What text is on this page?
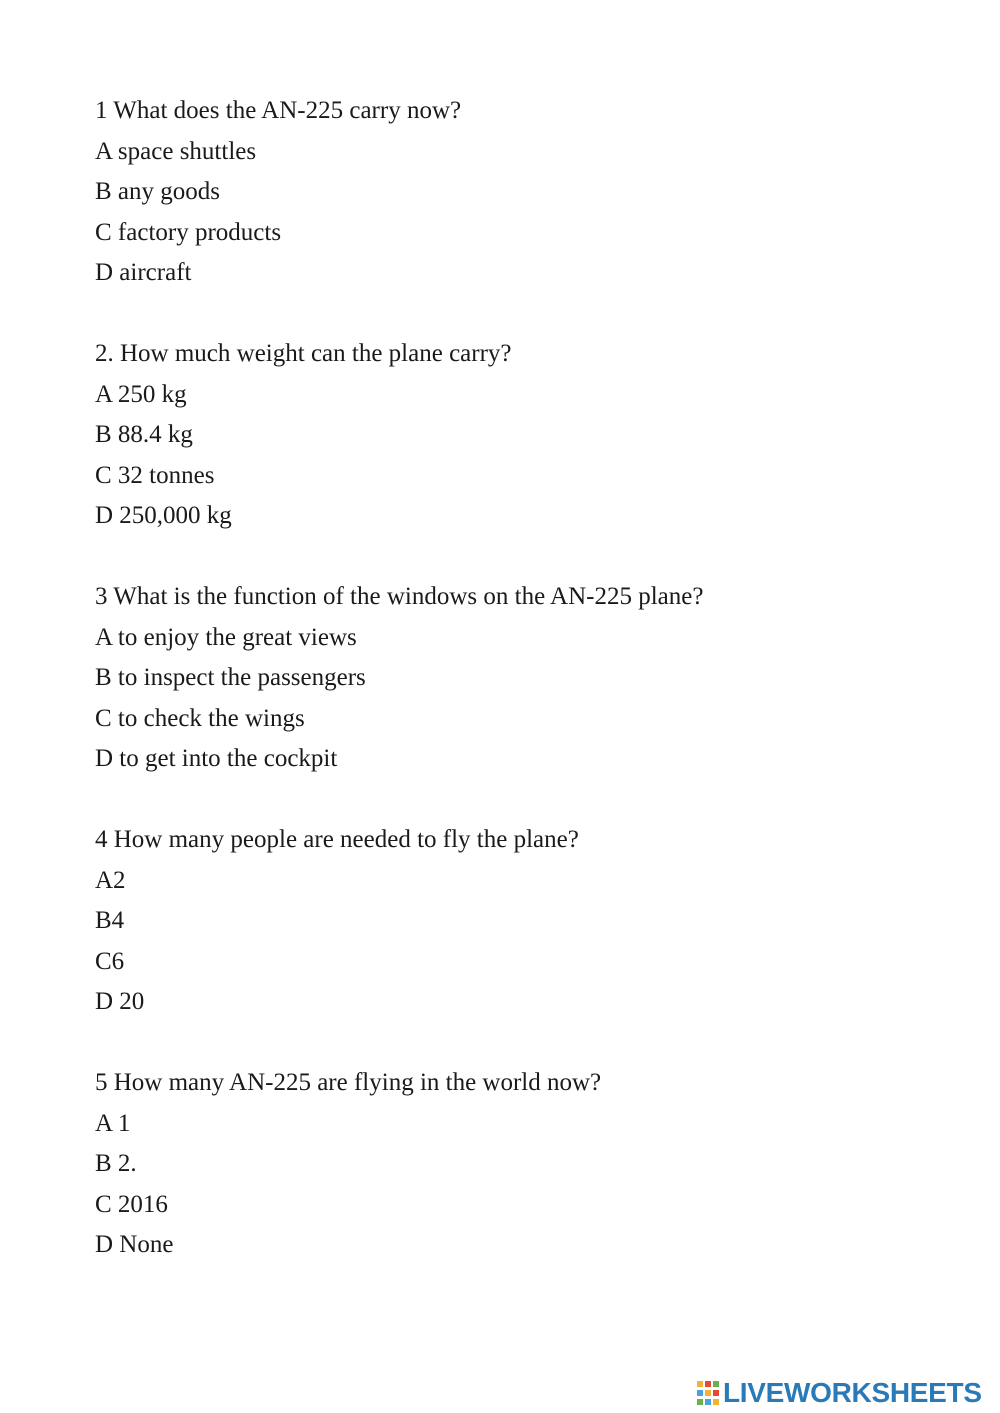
1 What does the AN-225 carry now?
A space shuttles
B any goods
C factory products
D aircraft
2. How much weight can the plane carry?
A 250 kg
B 88.4 kg
C 32 tonnes
D 250,000 kg
3 What is the function of the windows on the AN-225 plane?
A to enjoy the great views
B to inspect the passengers
C to check the wings
D to get into the cockpit
4 How many people are needed to fly the plane?
A2
B4
C6
D 20
5 How many AN-225 are flying in the world now?
A 1
B 2.
C 2016
D None
LIVEWORKSHEETS
